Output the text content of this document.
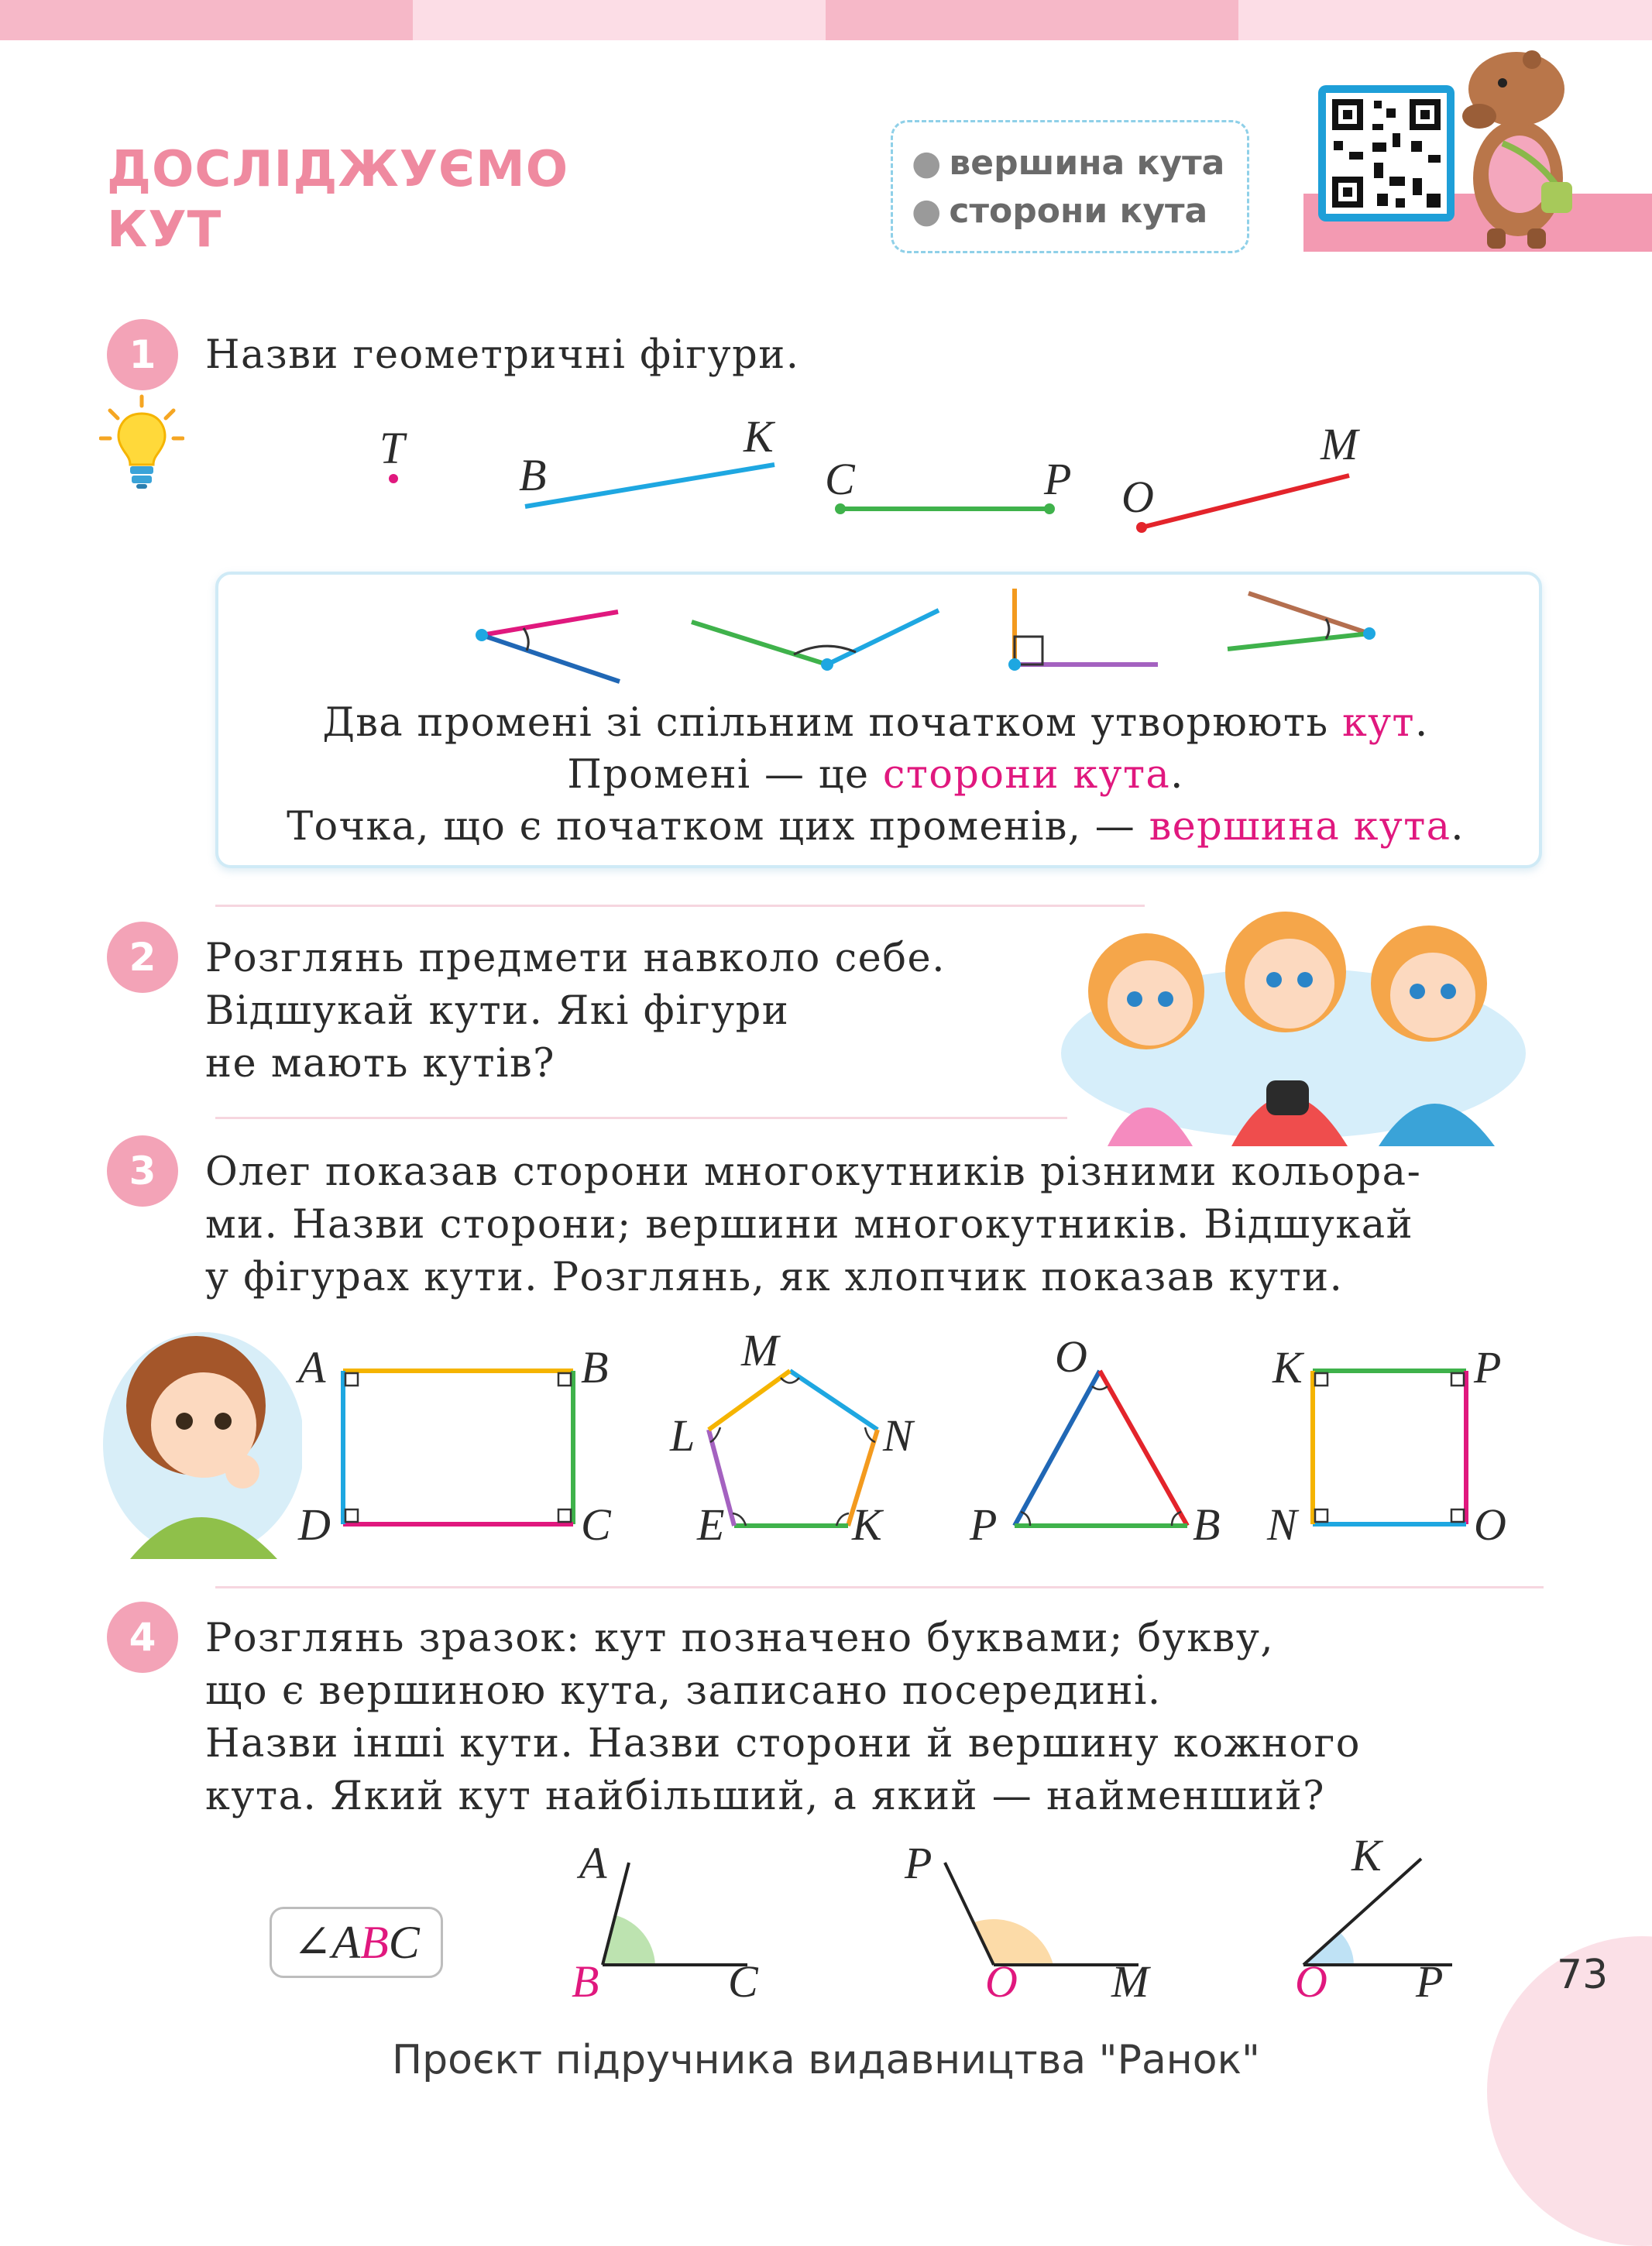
ДОСЛІДЖУЄМО
КУТ
● вершина кута
● сторони кута
1	Назви геометричні фігури.
T
B
K
C	P O
M
Два промені зі спільним початком утворюють кут.
Промені — це сторони кута.
Точка, що є початком цих променів, — вершина кута.
2	Розглянь предмети навколо себе.
Відшукай кути. Які фігури
не мають кутів?
3	Олег показав сторони многокутників різними кольора-
ми. Назви сторони; вершини многокутників. Відшукай
у фігурах кути. Розглянь, як хлопчик показав кути.
A	B
D	C
M
L	N
E	K
O
P	B
K	P
N	O
4	Розглянь зразок: кут позначено буквами; букву,
що є вершиною кута, записано посередині.
Назви інші кути. Назви сторони й вершину кожного
кута. Який кут найбільший, а який — найменший?
∠ABC
A
B	C
P
O M
K
O P	73
Проєкт підручника видавництва "Ранок"
